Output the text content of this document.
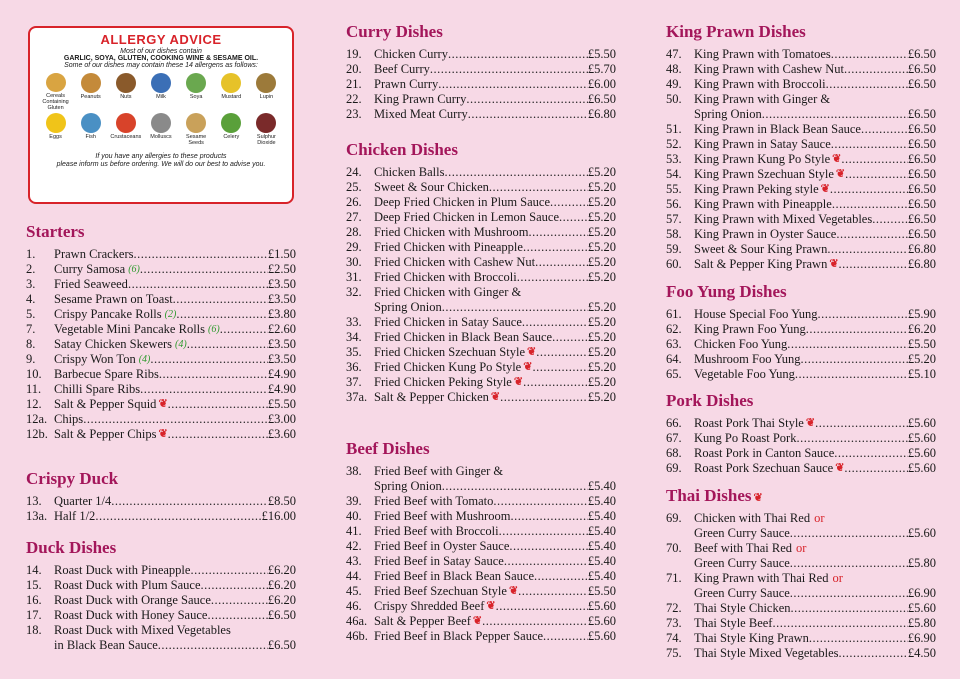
ALLERGY ADVICE
Most of our dishes contain
GARLIC, SOYA, GLUTEN, COOKING WINE & SESAME OIL.
Some of our dishes may contain these 14 allergens as follows:
Cereals Containing Gluten
Peanuts	Nuts	Milk	Soya	Mustard	Lupin
Eggs	Fish	Crustaceans Molluscs	Sesame Seeds
Celery	Sulphur Dioxide
If you have any allergies to these products
please inform us before ordering. We will do our best to advise you.
Starters
1.	Prawn Crackers .....	£1.50
2.	Curry Samosa (6) .....	£2.50
3.	Fried Seaweed .....	£3.50
4.	Sesame Prawn on Toast .....	£3.50
5.	Crispy Pancake Rolls (2) .....	£3.80
7.	Vegetable Mini Pancake Rolls (6) .....	£2.60
8.	Satay Chicken Skewers (4) .....	£3.50
9.	Crispy Won Ton (4) .....	£3.50
10. Barbecue Spare Ribs .....	£4.90
11.	Chilli Spare Ribs .....	£4.90
12. Salt & Pepper Squid ❦ .....	£5.50
12a. Chips .....	£3.00
12b. Salt & Pepper Chips ❦ .....	£3.60
Crispy Duck
13. Quarter 1/4 .....	£8.50
13a. Half 1/2 .....	£16.00
Duck Dishes
14. Roast Duck with Pineapple .....	£6.20
15. Roast Duck with Plum Sauce .....	£6.20
16. Roast Duck with Orange Sauce .....	£6.20
17. Roast Duck with Honey Sauce .....	£6.50
18. Roast Duck with Mixed Vegetables
in Black Bean Sauce .....	£6.50
Curry Dishes
19. Chicken Curry .....	£5.50
20. Beef Curry .....	£5.70
21. Prawn Curry .....	£6.00
22. King Prawn Curry .....	£6.50
23. Mixed Meat Curry .....	£6.80
Chicken Dishes
24. Chicken Balls .....	£5.20
25. Sweet & Sour Chicken .....	£5.20
26. Deep Fried Chicken in Plum Sauce .....	£5.20
27. Deep Fried Chicken in Lemon Sauce ..... £5.20
28. Fried Chicken with Mushroom .....	£5.20
29. Fried Chicken with Pineapple .....	£5.20
30. Fried Chicken with Cashew Nut .....	£5.20
31. Fried Chicken with Broccoli .....	£5.20
32. Fried Chicken with Ginger &
Spring Onion .....	£5.20
33. Fried Chicken in Satay Sauce .....	£5.20
34. Fried Chicken in Black Bean Sauce .....	£5.20
35. Fried Chicken Szechuan Style ❦ .....	£5.20
36. Fried Chicken Kung Po Style ❦ .....	£5.20
37. Fried Chicken Peking Style ❦ .....	£5.20
37a. Salt & Pepper Chicken ❦ .....	£5.20
Beef Dishes
38. Fried Beef with Ginger &
Spring Onion .....	£5.40
39. Fried Beef with Tomato .....	£5.40
40. Fried Beef with Mushroom .....	£5.40
41. Fried Beef with Broccoli .....	£5.40
42. Fried Beef in Oyster Sauce .....	£5.40
43. Fried Beef in Satay Sauce .....	£5.40
44. Fried Beef in Black Bean Sauce .....	£5.40
45. Fried Beef Szechuan Style ❦ .....	£5.50
46. Crispy Shredded Beef ❦ .....	£5.60
46a. Salt & Pepper Beef ❦ .....	£5.60
46b. Fried Beef in Black Pepper Sauce .....	£5.60
King Prawn Dishes
47. King Prawn with Tomatoes .....	£6.50
48. King Prawn with Cashew Nut .....	£6.50
49. King Prawn with Broccoli .....	£6.50
50. King Prawn with Ginger &
Spring Onion .....	£6.50
51. King Prawn in Black Bean Sauce .....	£6.50
52. King Prawn in Satay Sauce .....	£6.50
53. King Prawn Kung Po Style ❦ .....	£6.50
54. King Prawn Szechuan Style ❦ .....	£6.50
55. King Prawn Peking style ❦ .....	£6.50
56. King Prawn with Pineapple .....	£6.50
57. King Prawn with Mixed Vegetables .....	£6.50
58. King Prawn in Oyster Sauce .....	£6.50
59. Sweet & Sour King Prawn .....	£6.80
60. Salt & Pepper King Prawn ❦ .....	£6.80
Foo Yung Dishes
61. House Special Foo Yung .....	£5.90
62. King Prawn Foo Yung .....	£6.20
63. Chicken Foo Yung .....	£5.50
64. Mushroom Foo Yung .....	£5.20
65. Vegetable Foo Yung .....	£5.10
Pork Dishes
66. Roast Pork Thai Style ❦ .....	£5.60
67. Kung Po Roast Pork .....	£5.60
68. Roast Pork in Canton Sauce .....	£5.60
69. Roast Pork Szechuan Sauce ❦ .....	£5.60
Thai Dishes ❦
69. Chicken with Thai Red or
Green Curry Sauce .....	£5.60
70. Beef with Thai Red or
Green Curry Sauce .....	£5.80
71. King Prawn with Thai Red or
Green Curry Sauce .....	£6.90
72. Thai Style Chicken .....	£5.60
73. Thai Style Beef .....	£5.80
74. Thai Style King Prawn .....	£6.90
75. Thai Style Mixed Vegetables .....	£4.50
